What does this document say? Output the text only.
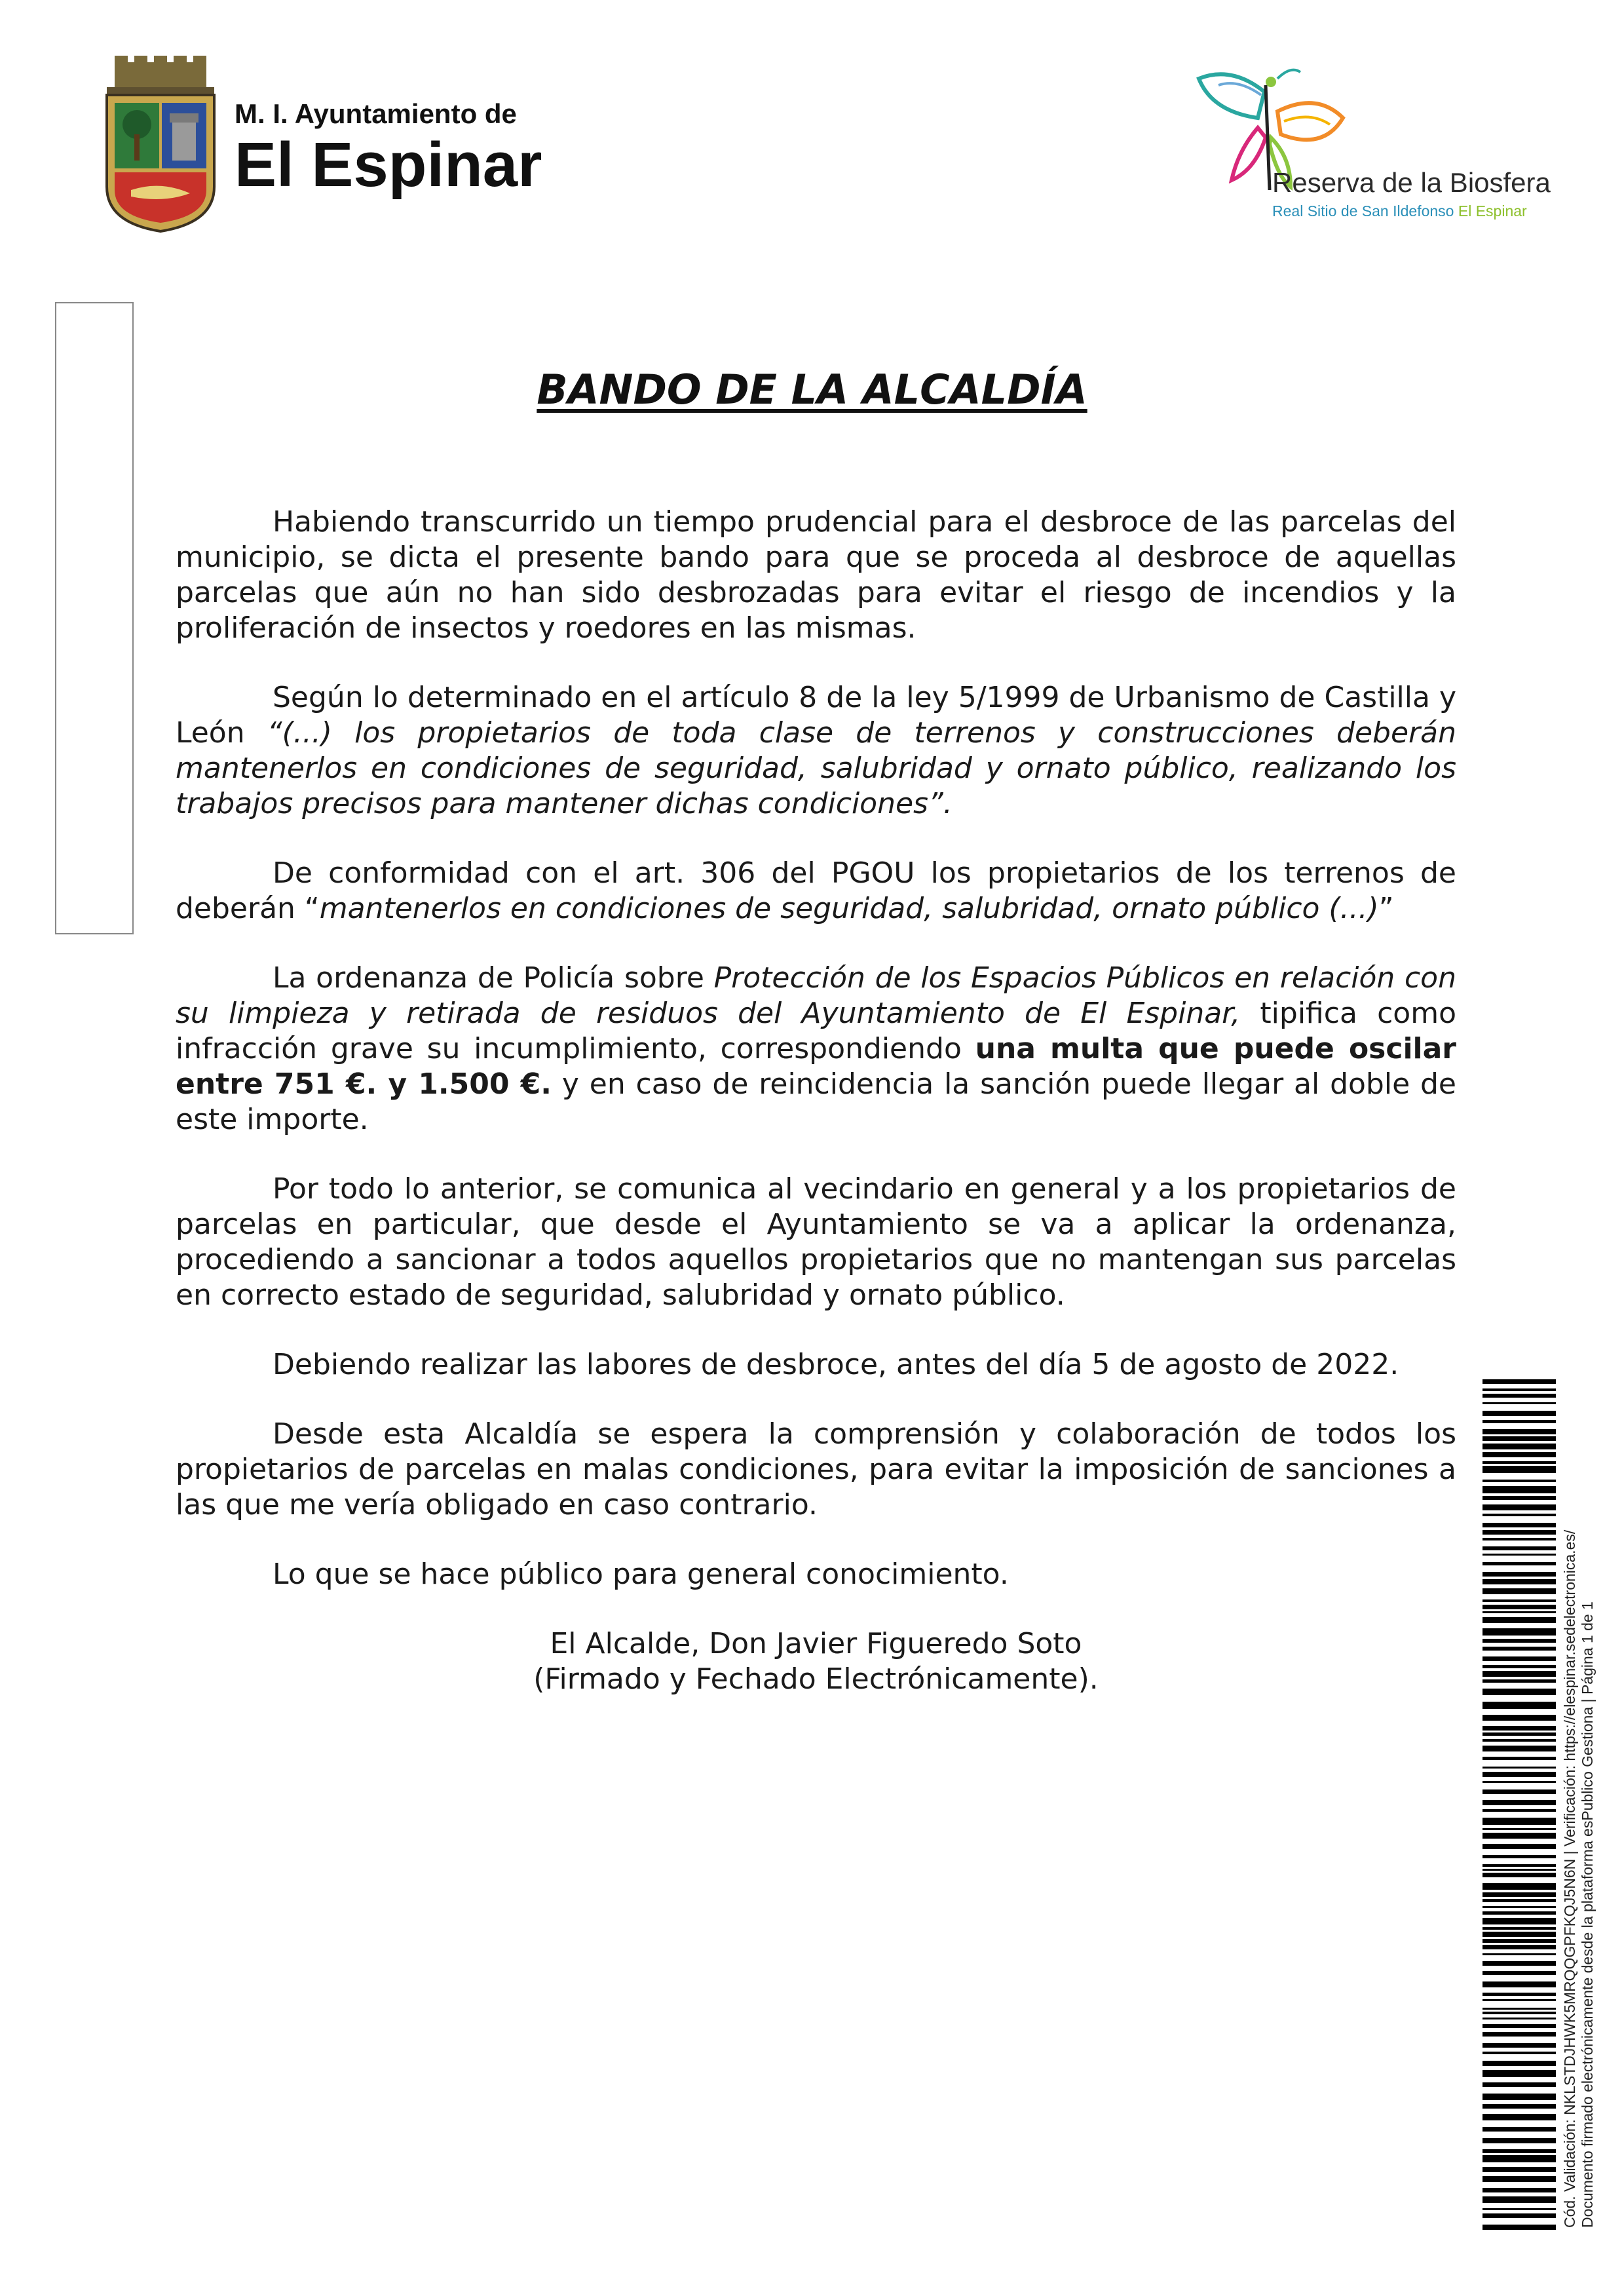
M. I. Ayuntamiento de
El Espinar	Reserva de la Biosfera
Real Sitio de San Ildefonso El Espinar
BANDO DE LA ALCALDÍA

Habiendo transcurrido un tiempo prudencial para el desbroce de las parcelas del municipio, se dicta el presente bando para que se proceda al desbroce de aquellas parcelas que aún no han sido desbrozadas para evitar el riesgo de incendios y la proliferación de insectos y roedores en las mismas.

Según lo determinado en el artículo 8 de la ley 5/1999 de Urbanismo de Castilla y León “(...) los propietarios de toda clase de terrenos y construcciones deberán mantenerlos en condiciones de seguridad, salubridad y ornato público, realizando los trabajos precisos para mantener dichas condiciones”.

De conformidad con el art. 306 del PGOU los propietarios de los terrenos de deberán “mantenerlos en condiciones de seguridad, salubridad, ornato público (...)”

La ordenanza de Policía sobre Protección de los Espacios Públicos en relación con su limpieza y retirada de residuos del Ayuntamiento de El Espinar, tipifica como infracción grave su incumplimiento, correspondiendo una multa que puede oscilar entre 751 €. y 1.500 €. y en caso de reincidencia la sanción puede llegar al doble de este importe.

Por todo lo anterior, se comunica al vecindario en general y a los propietarios de parcelas en particular, que desde el Ayuntamiento se va a aplicar la ordenanza, procediendo a sancionar a todos aquellos propietarios que no mantengan sus parcelas en correcto estado de seguridad, salubridad y ornato público.

Debiendo realizar las labores de desbroce, antes del día 5 de agosto de 2022.

Desde esta Alcaldía se espera la comprensión y colaboración de todos los propietarios de parcelas en malas condiciones, para evitar la imposición de sanciones a las que me vería obligado en caso contrario.

Lo que se hace público para general conocimiento.

El Alcalde, Don Javier Figueredo Soto
(Firmado y Fechado Electrónicamente).	Cód. Validación: NKLSTDJHWK5MRQQGPFKQJ5N6N | Verificación: https://elespinar.sedelectronica.es/ Documento firmado electrónicamente desde la plataforma esPublico Gestiona | Página 1 de 1
